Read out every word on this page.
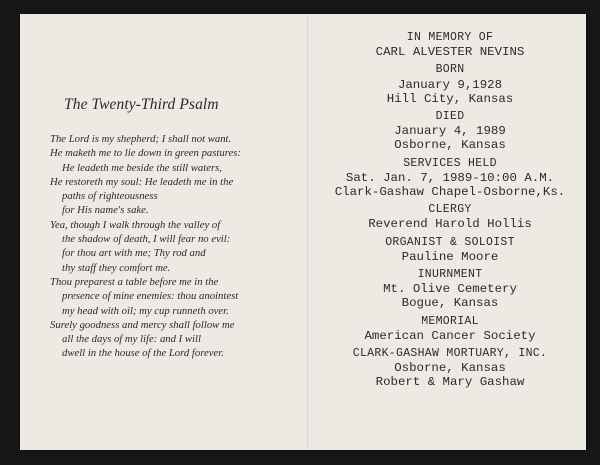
The Twenty-Third Psalm
The Lord is my shepherd; I shall not want.
He maketh me to lie down in green pastures:
He leadeth me beside the still waters,
He restoreth my soul: He leadeth me in the
paths of righteousness
for His name's sake.
Yea, though I walk through the valley of
the shadow of death, I will fear no evil:
for thou art with me; Thy rod and
thy staff they comfort me.
Thou preparest a table before me in the
presence of mine enemies: thou anointest
my head with oil; my cup runneth over.
Surely goodness and mercy shall follow me
all the days of my life: and I will
dwell in the house of the Lord forever.
IN MEMORY OF
CARL ALVESTER NEVINS
BORN
January 9,1928
Hill City, Kansas
DIED
January 4, 1989
Osborne, Kansas
SERVICES HELD
Sat. Jan. 7, 1989-10:00 A.M.
Clark-Gashaw Chapel-Osborne,Ks.
CLERGY
Reverend Harold Hollis
ORGANIST & SOLOIST
Pauline Moore
INURNMENT
Mt. Olive Cemetery
Bogue, Kansas
MEMORIAL
American Cancer Society
CLARK-GASHAW MORTUARY, INC.
Osborne, Kansas
Robert & Mary Gashaw
